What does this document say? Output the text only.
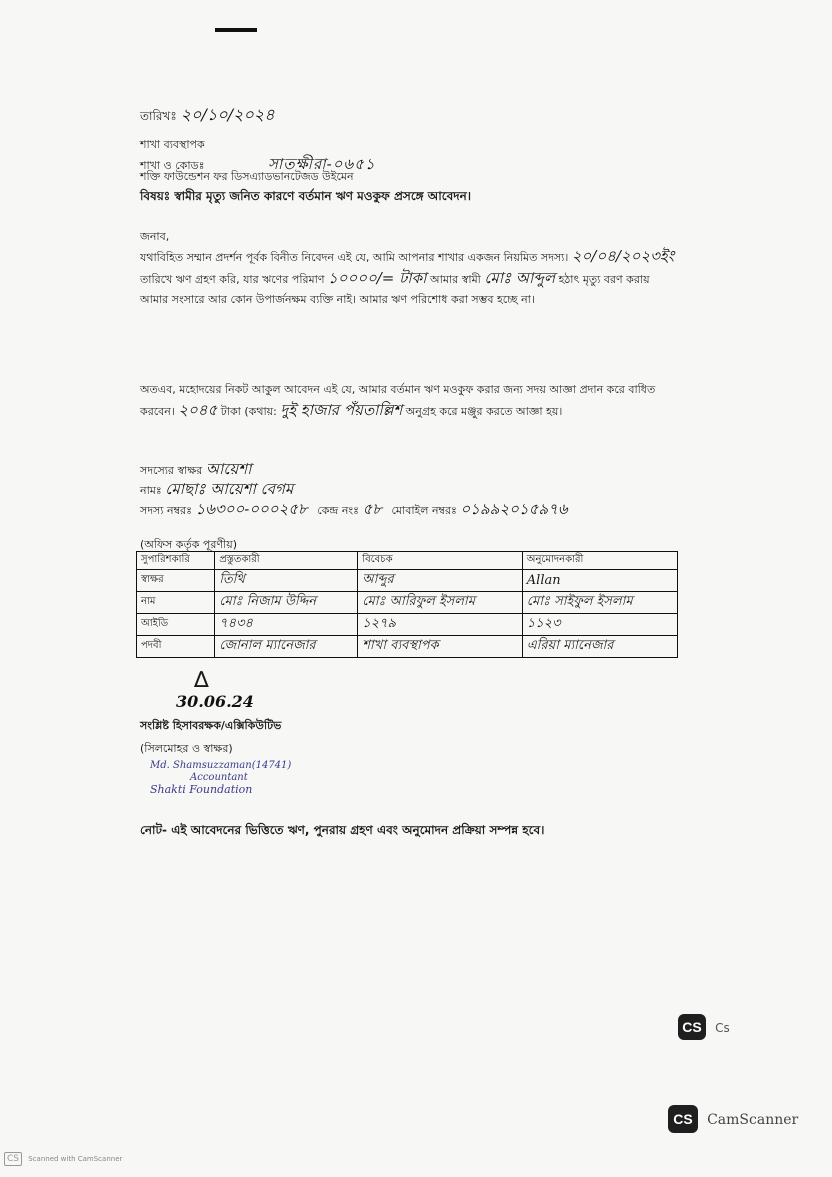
তারিখঃ ২০/১০/২০২৪
শাখা ব্যবস্থাপক
শাখা ও কোডঃ	সাতক্ষীরা-০৬৫১
শক্তি ফাউন্ডেশন ফর ডিসএ্যাডভানটেজড উইমেন
বিষয়ঃ স্বামীর মৃত্যু জনিত কারণে বর্তমান ঋণ মওকুফ প্রসঙ্গে আবেদন।
জনাব,
যথাবিহিত সম্মান প্রদর্শন পূর্বক বিনীত নিবেদন এই যে, আমি আপনার শাখার একজন নিয়মিত সদস্য। ২০/০৪/২০২৩ইং তারিখে ঋণ গ্রহণ করি, যার ঋণের পরিমাণ ১০০০০/= টাকা আমার স্বামী মোঃ আব্দুল হঠাৎ মৃত্যু বরণ করায় আমার সংসারে আর কোন উপার্জনক্ষম ব্যক্তি নাই। আমার ঋণ পরিশোধ করা সম্ভব হচ্ছে না।
অতএব, মহোদয়ের নিকট আকুল আবেদন এই যে, আমার বর্তমান ঋণ মওকুফ করার জন্য সদয় আজ্ঞা প্রদান করে বাধিত করবেন। ২০৪৫ টাকা (কথায়: দুই হাজার পঁয়তাল্লিশ অনুগ্রহ করে মঞ্জুর করতে আজ্ঞা হয়।
সদস্যের স্বাক্ষর আয়েশা
নামঃ মোছাঃ আয়েশা বেগম
সদস্য নম্বরঃ ১৬৩০০-০০০২৫৮ কেন্দ্র নংঃ ৫৮ মোবাইল নম্বরঃ ০১৯৯২০১৫৯৭৬
(অফিস কর্তৃক পূরণীয়)
সুপারিশকারি	প্রস্তুতকারী	বিবেচক	অনুমোদনকারী
স্বাক্ষর	তিথি	আব্দুর	Allan
নাম	মোঃ নিজাম উদ্দিন	মোঃ আরিফুল ইসলাম	মোঃ সাইফুল ইসলাম
আইডি	৭৪৩৪	১২৭৯	১১২৩
পদবী	জোনাল ম্যানেজার	শাখা ব্যবস্থাপক	এরিয়া ম্যানেজার
∆
30.06.24
সংশ্লিষ্ট হিসাবরক্ষক/এক্সিকিউটিভ
(সিলমোহর ও স্বাক্ষর)
Md. Shamsuzzaman(14741)
Accountant
Shakti Foundation
নোট- এই আবেদনের ভিত্তিতে ঋণ, পুনরায় গ্রহণ এবং অনুমোদন প্রক্রিয়া সম্পন্ন হবে।
CS Cs
CS CamScanner
CS Scanned with CamScanner
